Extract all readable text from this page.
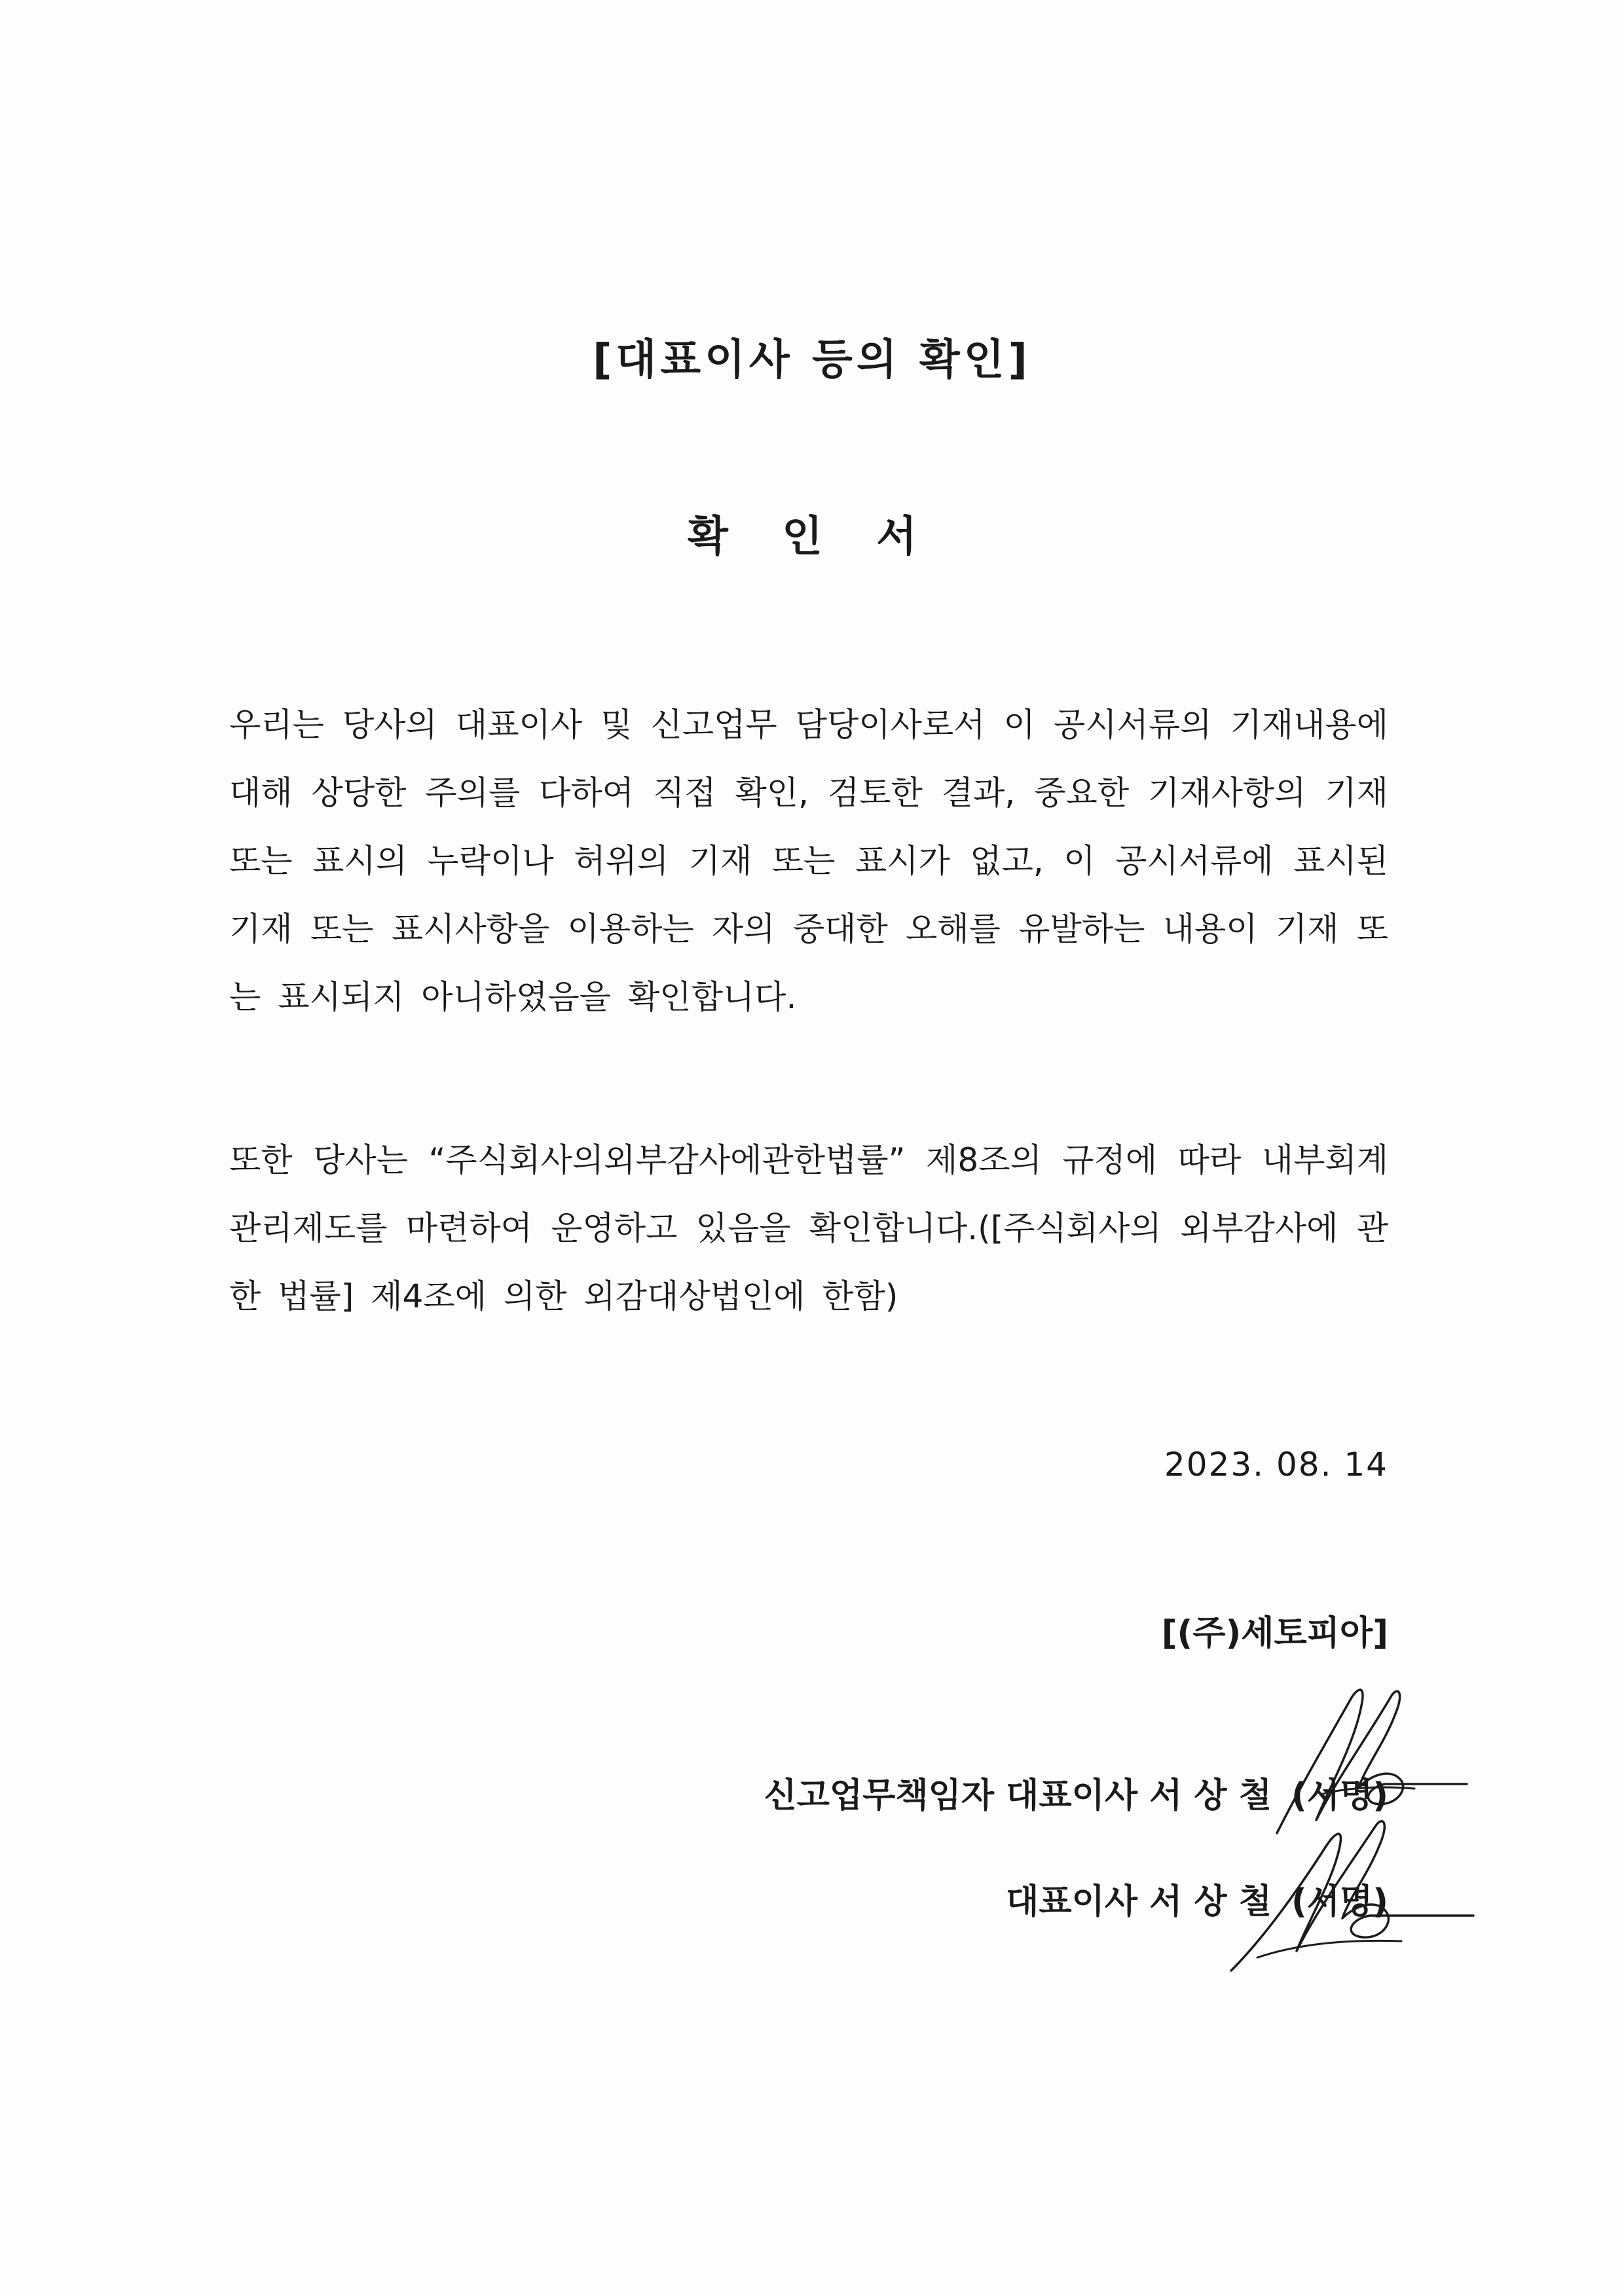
[대표이사 등의 확인]
확 인 서

우리는 당사의 대표이사 및 신고업무 담당이사로서 이 공시서류의 기재내용에 대해 상당한 주의를 다하여 직접 확인, 검토한 결과, 중요한 기재사항의 기재 또는 표시의 누락이나 허위의 기재 또는 표시가 없고, 이 공시서류에 표시된 기재 또는 표시사항을 이용하는 자의 중대한 오해를 유발하는 내용이 기재 또는 표시되지 아니하였음을 확인합니다.

또한 당사는 “주식회사의외부감사에관한법률” 제8조의 규정에 따라 내부회계관리제도를 마련하여 운영하고 있음을 확인합니다.([주식회사의 외부감사에 관한 법률] 제4조에 의한 외감대상법인에 한함)

2023. 08. 14

[(주)세토피아]

신고업무책임자 대표이사 서 상 철 (서명)
대표이사 서 상 철 (서명)
